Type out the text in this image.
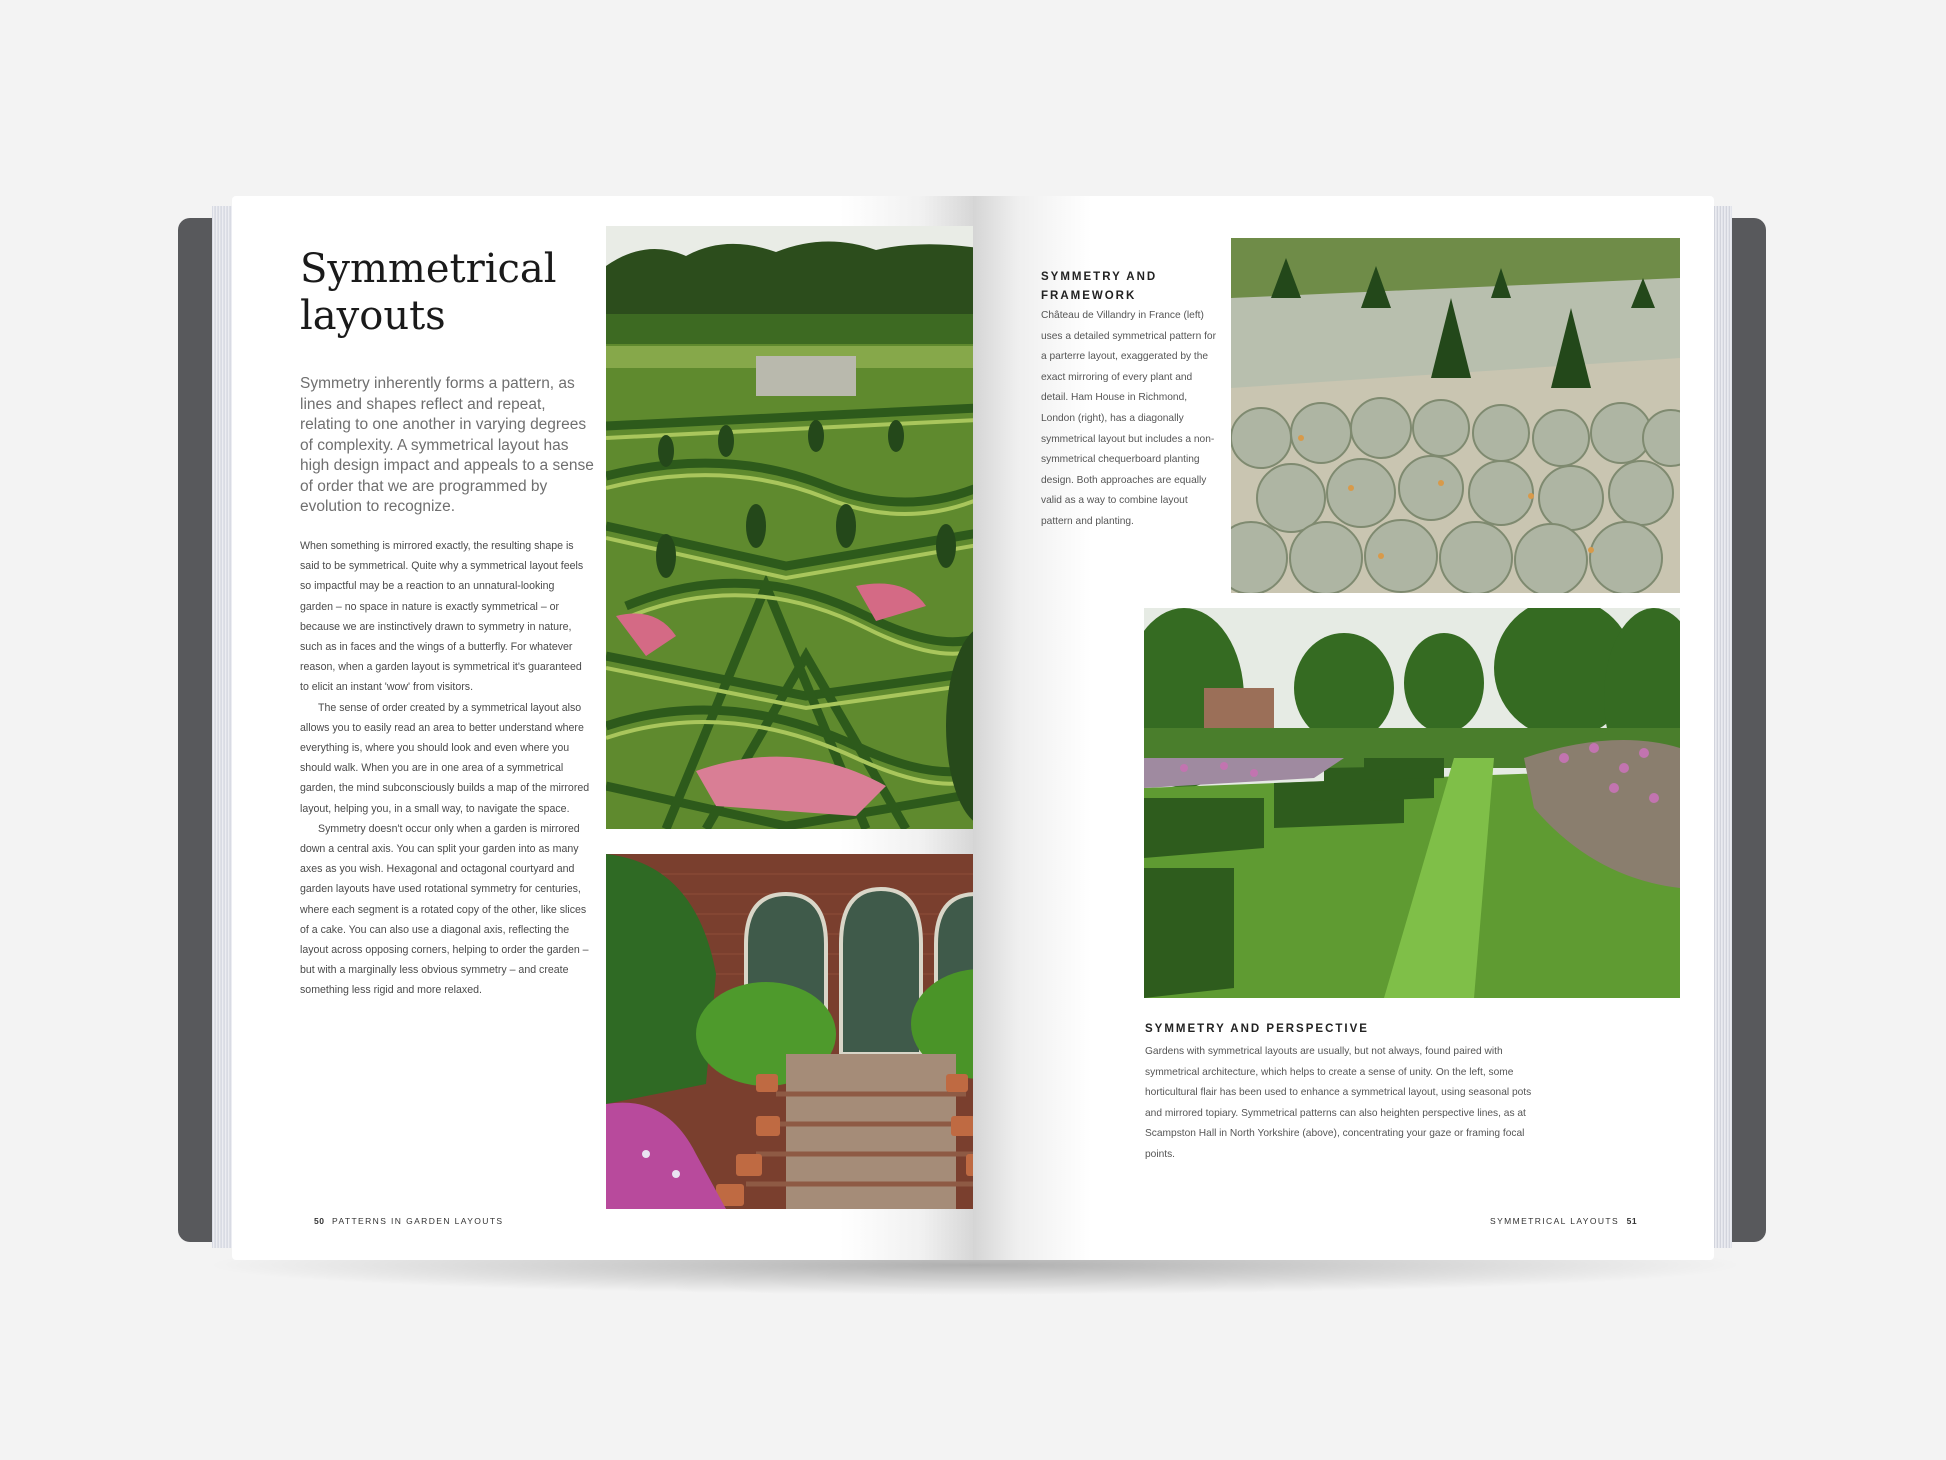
Symmetrical layouts

Symmetry inherently forms a pattern, as lines and shapes reflect and repeat, relating to one another in varying degrees of complexity. A symmetrical layout has high design impact and appeals to a sense of order that we are programmed by evolution to recognize.

When something is mirrored exactly, the resulting shape is said to be symmetrical. Quite why a symmetrical layout feels so impactful may be a reaction to an unnatural-looking garden – no space in nature is exactly symmetrical – or because we are instinctively drawn to symmetry in nature, such as in faces and the wings of a butterfly. For whatever reason, when a garden layout is symmetrical it's guaranteed to elicit an instant 'wow' from visitors.

The sense of order created by a symmetrical layout also allows you to easily read an area to better understand where everything is, where you should look and even where you should walk. When you are in one area of a symmetrical garden, the mind subconsciously builds a map of the mirrored layout, helping you, in a small way, to navigate the space.

Symmetry doesn't occur only when a garden is mirrored down a central axis. You can split your garden into as many axes as you wish. Hexagonal and octagonal courtyard and garden layouts have used rotational symmetry for centuries, where each segment is a rotated copy of the other, like slices of a cake. You can also use a diagonal axis, reflecting the layout across opposing corners, helping to order the garden – but with a marginally less obvious symmetry – and create something less rigid and more relaxed.

50 PATTERNS IN GARDEN LAYOUTS
SYMMETRY AND FRAMEWORK

Château de Villandry in France (left) uses a detailed symmetrical pattern for a parterre layout, exaggerated by the exact mirroring of every plant and detail. Ham House in Richmond, London (right), has a diagonally symmetrical layout but includes a non-symmetrical chequerboard planting design. Both approaches are equally valid as a way to combine layout pattern and planting.

SYMMETRY AND PERSPECTIVE

Gardens with symmetrical layouts are usually, but not always, found paired with symmetrical architecture, which helps to create a sense of unity. On the left, some horticultural flair has been used to enhance a symmetrical layout, using seasonal pots and mirrored topiary. Symmetrical patterns can also heighten perspective lines, as at Scampston Hall in North Yorkshire (above), concentrating your gaze or framing focal points.

SYMMETRICAL LAYOUTS 51
